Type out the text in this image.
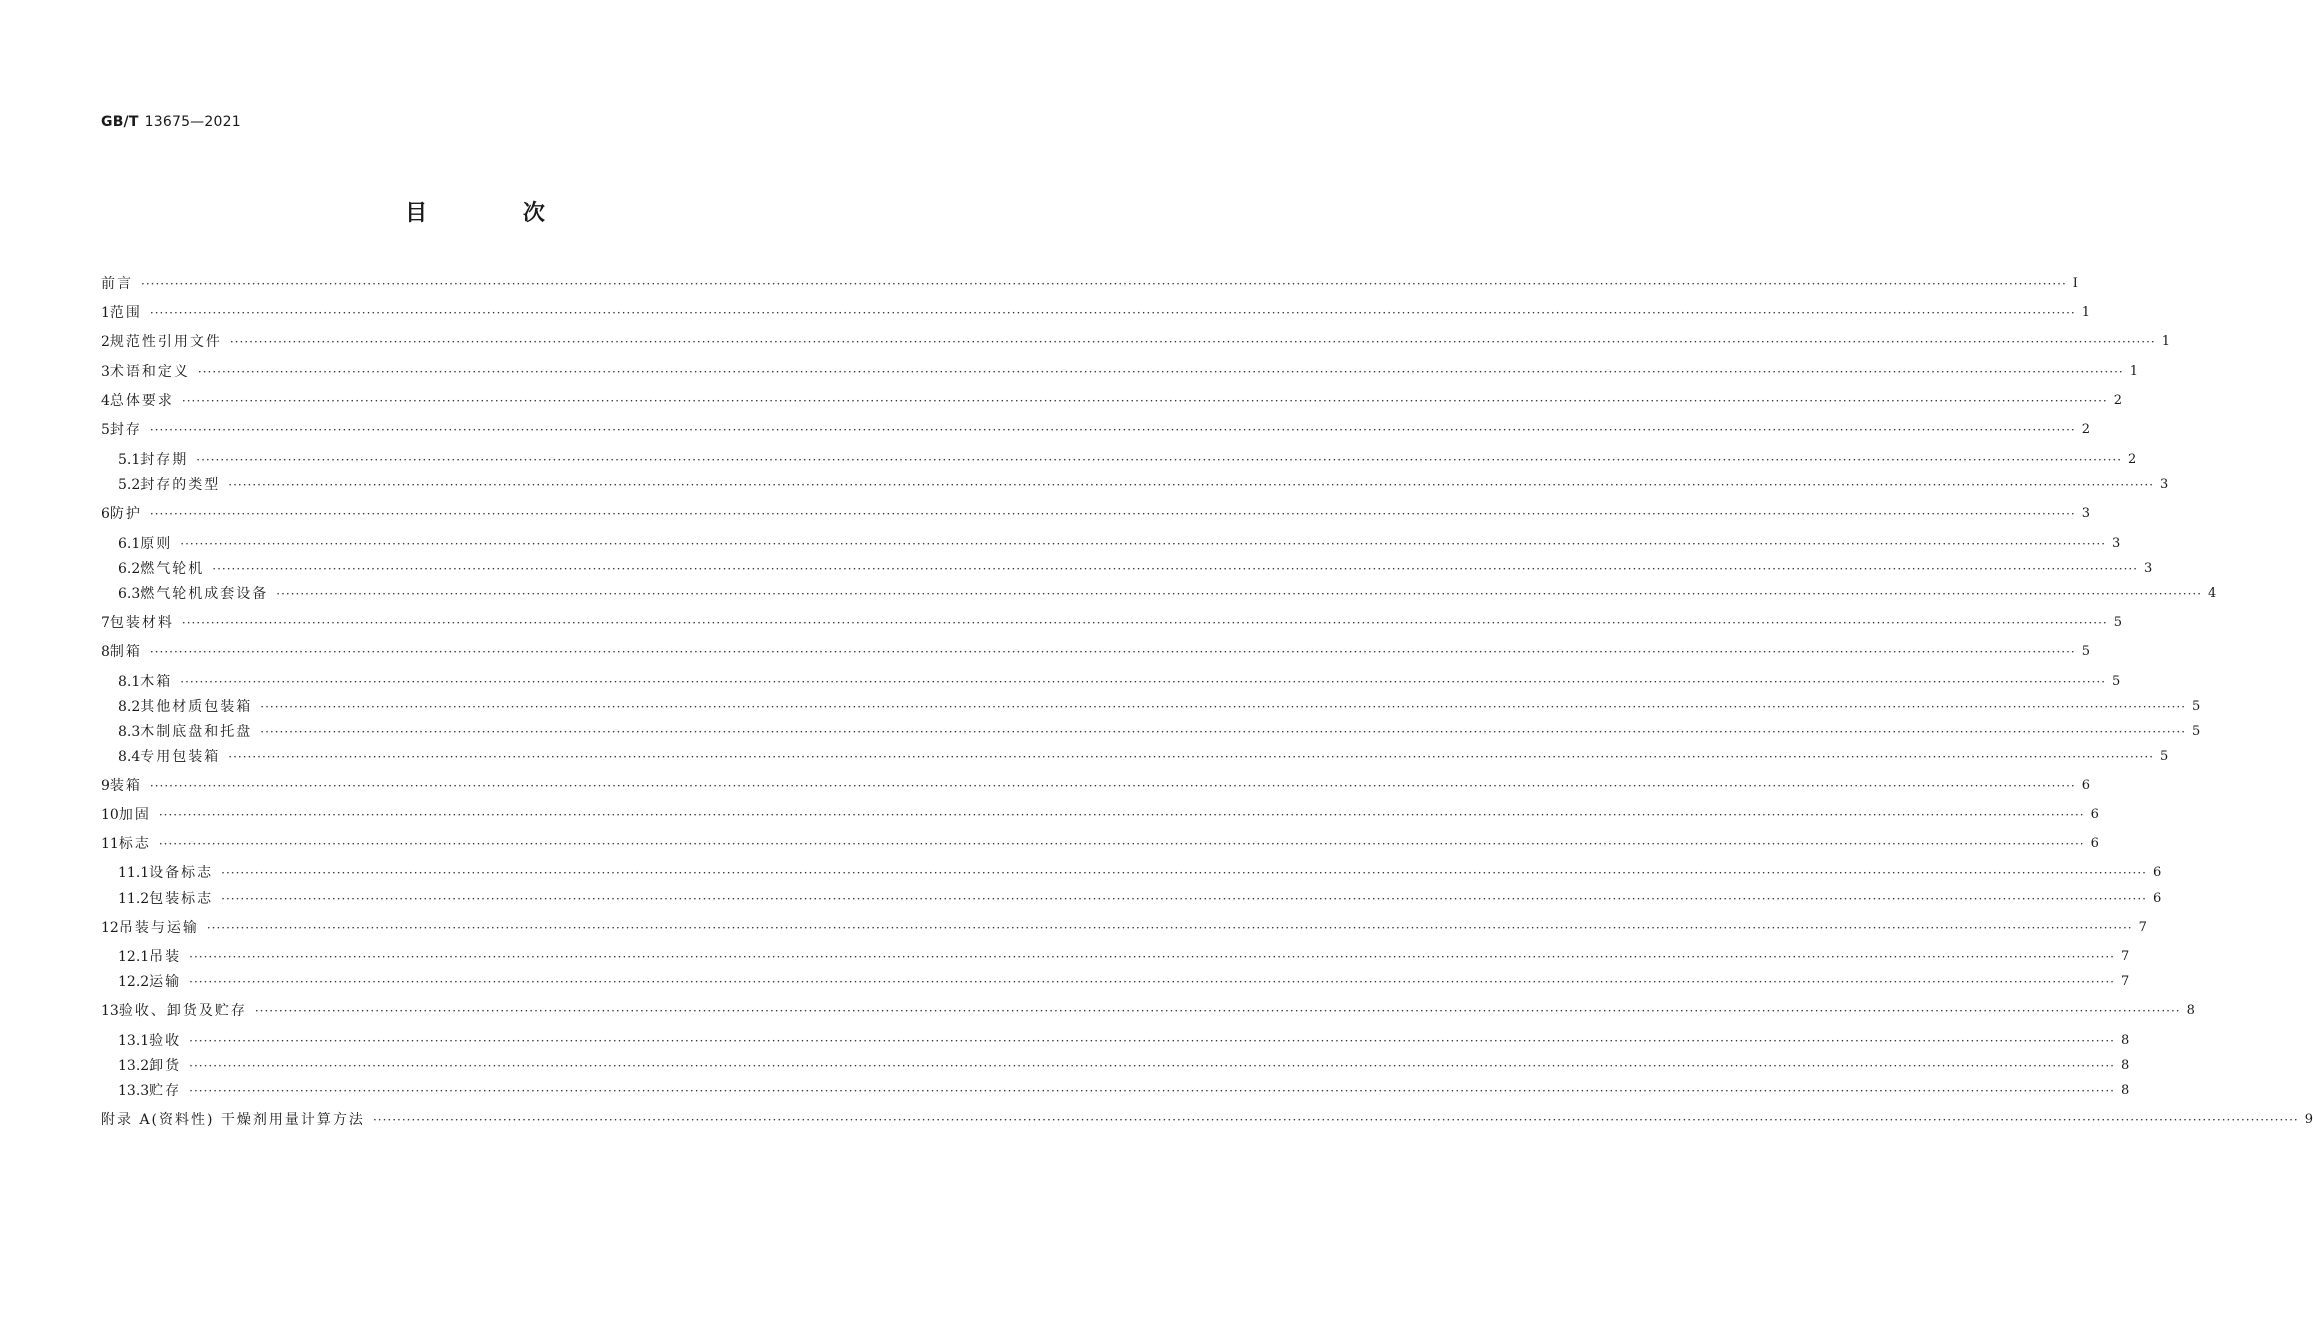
GB/T 13675—2021
目 次
前言 ················································································································································································································································································································································································································ Ⅰ
1 范围 ················································································································································································································································································································································································································ 1
2 规范性引用文件 ················································································································································································································································································································································································································ 1
3 术语和定义 ················································································································································································································································································································································································································ 1
4 总体要求 ················································································································································································································································································································································································································ 2
5 封存 ················································································································································································································································································································································································································ 2
5.1 封存期 ················································································································································································································································································································································································································ 2
5.2 封存的类型 ················································································································································································································································································································································································································ 3
6 防护 ················································································································································································································································································································································································································ 3
6.1 原则 ················································································································································································································································································································································································································ 3
6.2 燃气轮机 ················································································································································································································································································································································································································ 3
6.3 燃气轮机成套设备 ················································································································································································································································································································································································································ 4
7 包装材料 ················································································································································································································································································································································································································ 5
8 制箱 ················································································································································································································································································································································································································ 5
8.1 木箱 ················································································································································································································································································································································································································ 5
8.2 其他材质包装箱 ················································································································································································································································································································································································································ 5
8.3 木制底盘和托盘 ················································································································································································································································································································································································································ 5
8.4 专用包装箱 ················································································································································································································································································································································································································ 5
9 装箱 ················································································································································································································································································································································································································ 6
10 加固 ················································································································································································································································································································································································································ 6
11 标志 ················································································································································································································································································································································································································ 6
11.1 设备标志 ················································································································································································································································································································································································································ 6
11.2 包装标志 ················································································································································································································································································································································································································ 6
12 吊装与运输 ················································································································································································································································································································································································································ 7
12.1 吊装 ················································································································································································································································································································································································································ 7
12.2 运输 ················································································································································································································································································································································································································ 7
13 验收、卸货及贮存 ················································································································································································································································································································································································································ 8
13.1 验收 ················································································································································································································································································································································································································ 8
13.2 卸货 ················································································································································································································································································································································································································ 8
13.3 贮存 ················································································································································································································································································································································································································ 8
附录 A(资料性) 干燥剂用量计算方法 ················································································································································································································································································································································································································ 9
